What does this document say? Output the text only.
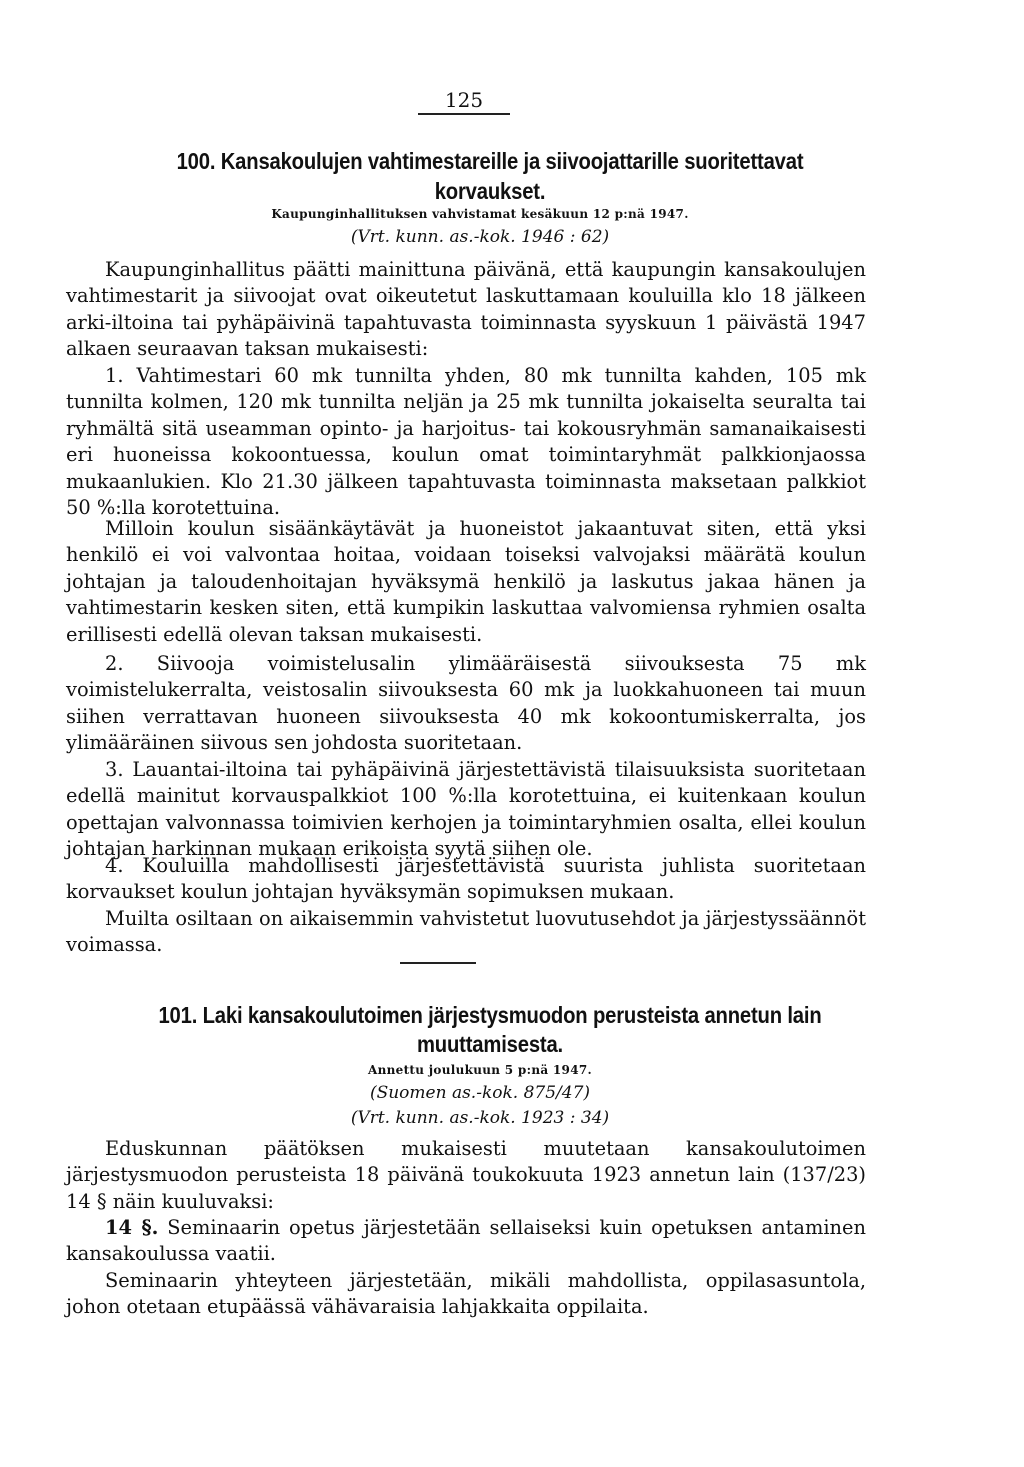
125
100. Kansakoulujen vahtimestareille ja siivoojattarille suoritettavat
korvaukset.
Kaupunginhallituksen vahvistamat kesäkuun 12 p:nä 1947.
(Vrt. kunn. as.-kok. 1946 : 62)

Kaupunginhallitus päätti mainittuna päivänä, että kaupungin kansakoulujen vahtimestarit ja siivoojat ovat oikeutetut laskuttamaan kouluilla klo 18 jälkeen arki-iltoina tai pyhäpäivinä tapahtuvasta toiminnasta syyskuun 1 päivästä 1947 alkaen seuraavan taksan mukaisesti:

1. Vahtimestari 60 mk tunnilta yhden, 80 mk tunnilta kahden, 105 mk tunnilta kolmen, 120 mk tunnilta neljän ja 25 mk tunnilta jokaiselta seuralta tai ryhmältä sitä useamman opinto- ja harjoitus- tai kokousryhmän samanaikaisesti eri huoneissa kokoontuessa, koulun omat toimintaryhmät palkkionjaossa mukaanlukien. Klo 21.30 jälkeen tapahtuvasta toiminnasta maksetaan palkkiot 50 %:lla korotettuina.

Milloin koulun sisäänkäytävät ja huoneistot jakaantuvat siten, että yksi henkilö ei voi valvontaa hoitaa, voidaan toiseksi valvojaksi määrätä koulun johtajan ja taloudenhoitajan hyväksymä henkilö ja laskutus jakaa hänen ja vahtimestarin kesken siten, että kumpikin laskuttaa valvomiensa ryhmien osalta erillisesti edellä olevan taksan mukaisesti.

2. Siivooja voimistelusalin ylimääräisestä siivouksesta 75 mk voimistelukerralta, veistosalin siivouksesta 60 mk ja luokkahuoneen tai muun siihen verrattavan huoneen siivouksesta 40 mk kokoontumiskerralta, jos ylimääräinen siivous sen johdosta suoritetaan.

3. Lauantai-iltoina tai pyhäpäivinä järjestettävistä tilaisuuksista suoritetaan edellä mainitut korvauspalkkiot 100 %:lla korotettuina, ei kuitenkaan koulun opettajan valvonnassa toimivien kerhojen ja toimintaryhmien osalta, ellei koulun johtajan harkinnan mukaan erikoista syytä siihen ole.

4. Kouluilla mahdollisesti järjestettävistä suurista juhlista suoritetaan korvaukset koulun johtajan hyväksymän sopimuksen mukaan.

Muilta osiltaan on aikaisemmin vahvistetut luovutusehdot ja järjestyssäännöt voimassa.

101. Laki kansakoulutoimen järjestysmuodon perusteista annetun lain
muuttamisesta.
Annettu joulukuun 5 p:nä 1947.
(Suomen as.-kok. 875/47)
(Vrt. kunn. as.-kok. 1923 : 34)

Eduskunnan päätöksen mukaisesti muutetaan kansakoulutoimen järjestysmuodon perusteista 18 päivänä toukokuuta 1923 annetun lain (137/23) 14 § näin kuuluvaksi:

14 §. Seminaarin opetus järjestetään sellaiseksi kuin opetuksen antaminen kansakoulussa vaatii.

Seminaarin yhteyteen järjestetään, mikäli mahdollista, oppilasasuntola, johon otetaan etupäässä vähävaraisia lahjakkaita oppilaita.
